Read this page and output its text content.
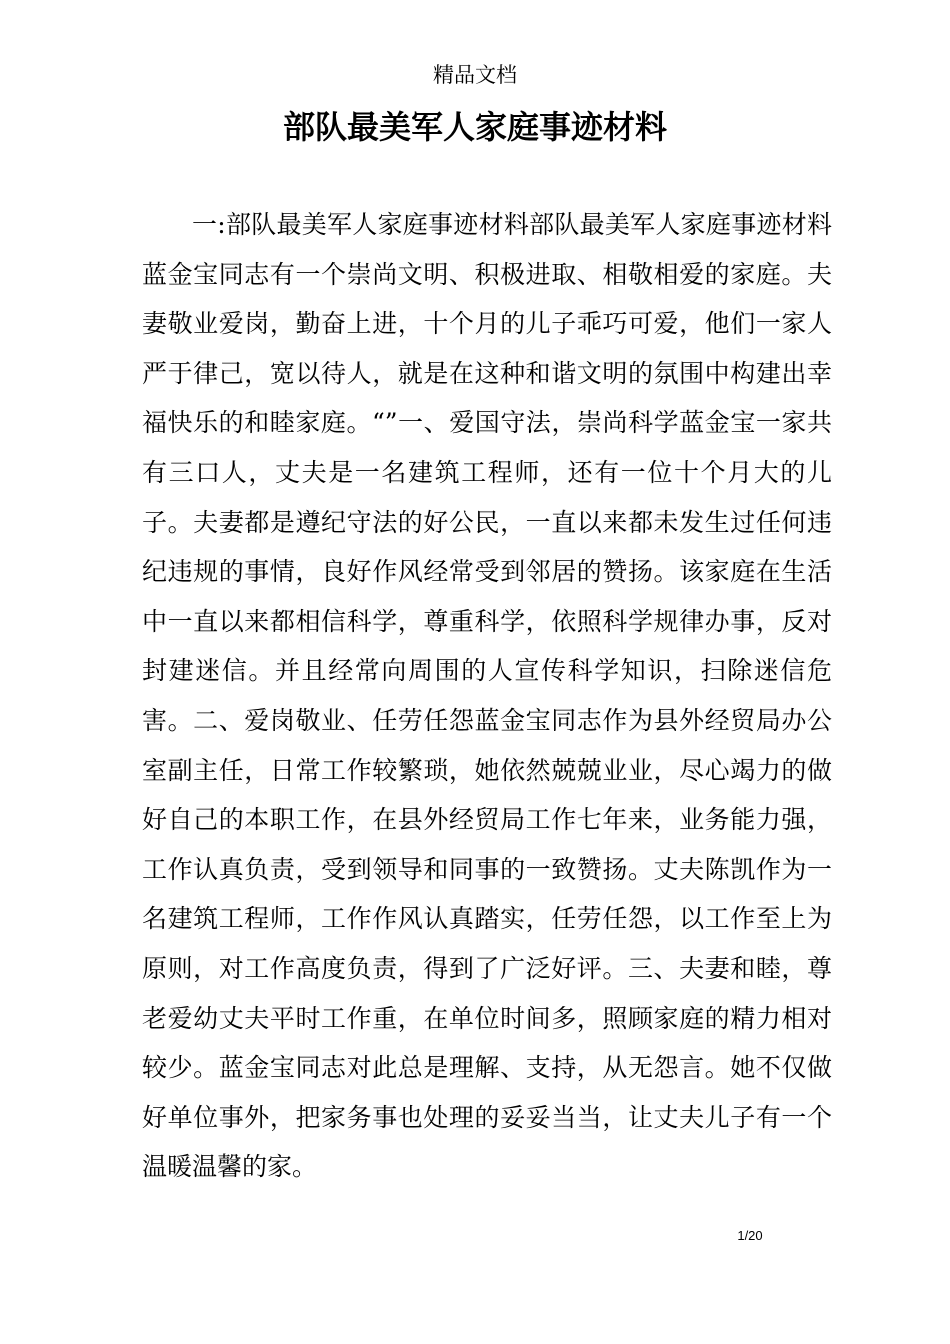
精品文档
部队最美军人家庭事迹材料

一:部队最美军人家庭事迹材料部队最美军人家庭事迹材料蓝金宝同志有一个崇尚文明、积极进取、相敬相爱的家庭。夫妻敬业爱岗，勤奋上进，十个月的儿子乖巧可爱，他们一家人严于律己，宽以待人，就是在这种和谐文明的氛围中构建出幸福快乐的和睦家庭。“”一、爱国守法，崇尚科学蓝金宝一家共有三口人，丈夫是一名建筑工程师，还有一位十个月大的儿子。夫妻都是遵纪守法的好公民，一直以来都未发生过任何违纪违规的事情，良好作风经常受到邻居的赞扬。该家庭在生活中一直以来都相信科学，尊重科学，依照科学规律办事，反对封建迷信。并且经常向周围的人宣传科学知识，扫除迷信危害。二、爱岗敬业、任劳任怨蓝金宝同志作为县外经贸局办公室副主任，日常工作较繁琐，她依然兢兢业业，尽心竭力的做好自己的本职工作，在县外经贸局工作七年来，业务能力强，工作认真负责，受到领导和同事的一致赞扬。丈夫陈凯作为一名建筑工程师，工作作风认真踏实，任劳任怨，以工作至上为原则，对工作高度负责，得到了广泛好评。三、夫妻和睦，尊老爱幼丈夫平时工作重，在单位时间多，照顾家庭的精力相对较少。蓝金宝同志对此总是理解、支持，从无怨言。她不仅做好单位事外，把家务事也处理的妥妥当当，让丈夫儿子有一个温暖温馨的家。

1/20
